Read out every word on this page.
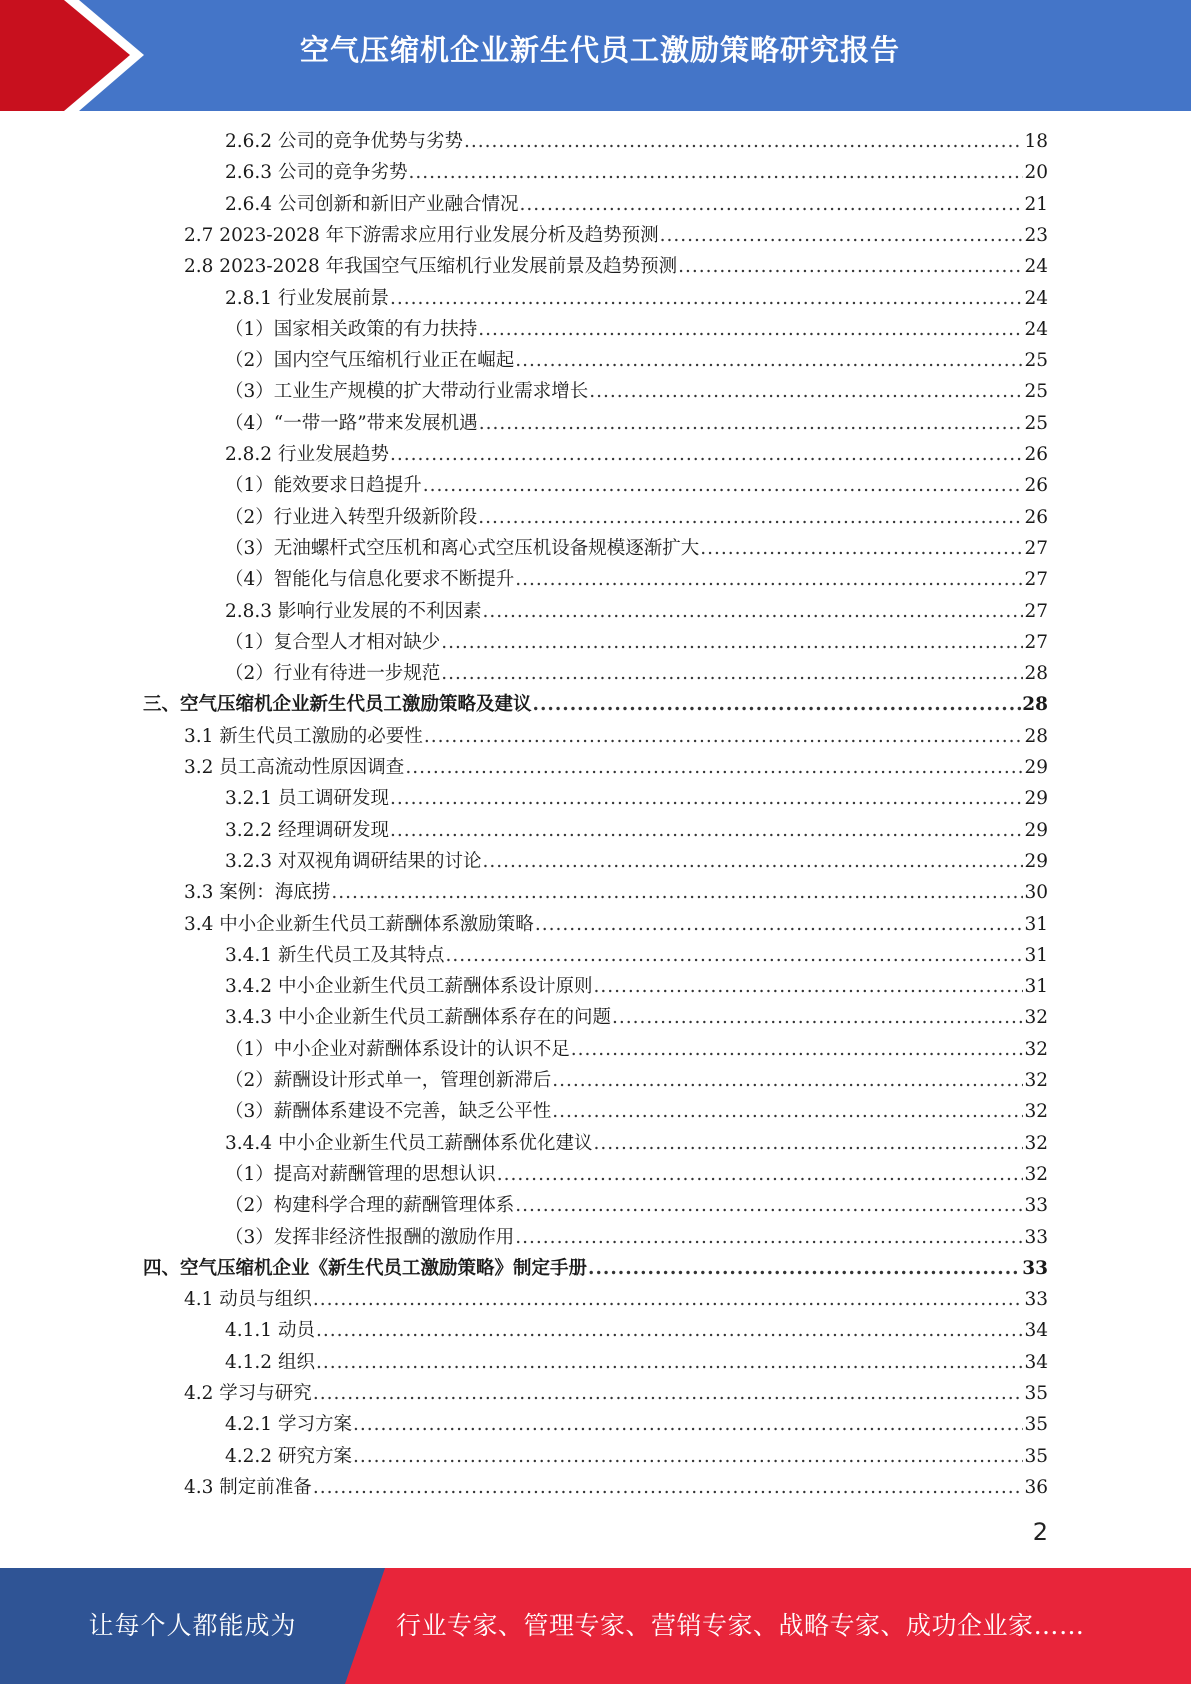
空气压缩机企业新生代员工激励策略研究报告
2.6.2 公司的竞争优势与劣势 .....	18
2.6.3 公司的竞争劣势 .....	20
2.6.4 公司创新和新旧产业融合情况 .....	21
2.7 2023-2028 年下游需求应用行业发展分析及趋势预测 .....	23
2.8 2023-2028 年我国空气压缩机行业发展前景及趋势预测 .....	24
2.8.1 行业发展前景 .....	24
（1）国家相关政策的有力扶持 .....	24
（2）国内空气压缩机行业正在崛起 .....	25
（3）工业生产规模的扩大带动行业需求增长 .....	25
（4）“一带一路”带来发展机遇 .....	25
2.8.2 行业发展趋势 .....	26
（1）能效要求日趋提升 .....	26
（2）行业进入转型升级新阶段 .....	26
（3）无油螺杆式空压机和离心式空压机设备规模逐渐扩大 .....	27
（4）智能化与信息化要求不断提升 .....	27
2.8.3 影响行业发展的不利因素 .....	27
（1）复合型人才相对缺少 .....	27
（2）行业有待进一步规范 .....	28
三、空气压缩机企业新生代员工激励策略及建议 .....	28
3.1 新生代员工激励的必要性 .....	28
3.2 员工高流动性原因调查 .....	29
3.2.1 员工调研发现 .....	29
3.2.2 经理调研发现 .....	29
3.2.3 对双视角调研结果的讨论 .....	29
3.3 案例：海底捞 .....	30
3.4 中小企业新生代员工薪酬体系激励策略 .....	31
3.4.1 新生代员工及其特点 .....	31
3.4.2 中小企业新生代员工薪酬体系设计原则 .....	31
3.4.3 中小企业新生代员工薪酬体系存在的问题 .....	32
（1）中小企业对薪酬体系设计的认识不足 .....	32
（2）薪酬设计形式单一，管理创新滞后 .....	32
（3）薪酬体系建设不完善，缺乏公平性 .....	32
3.4.4 中小企业新生代员工薪酬体系优化建议 .....	32
（1）提高对薪酬管理的思想认识 .....	32
（2）构建科学合理的薪酬管理体系 .....	33
（3）发挥非经济性报酬的激励作用 .....	33
四、空气压缩机企业《新生代员工激励策略》制定手册 .....	33
4.1 动员与组织 .....	33
4.1.1 动员 .....	34
4.1.2 组织 .....	34
4.2 学习与研究 .....	35
4.2.1 学习方案 .....	35
4.2.2 研究方案 .....	35
4.3 制定前准备 .....	36
2
让每个人都能成为	行业专家、管理专家、营销专家、战略专家、成功企业家……
